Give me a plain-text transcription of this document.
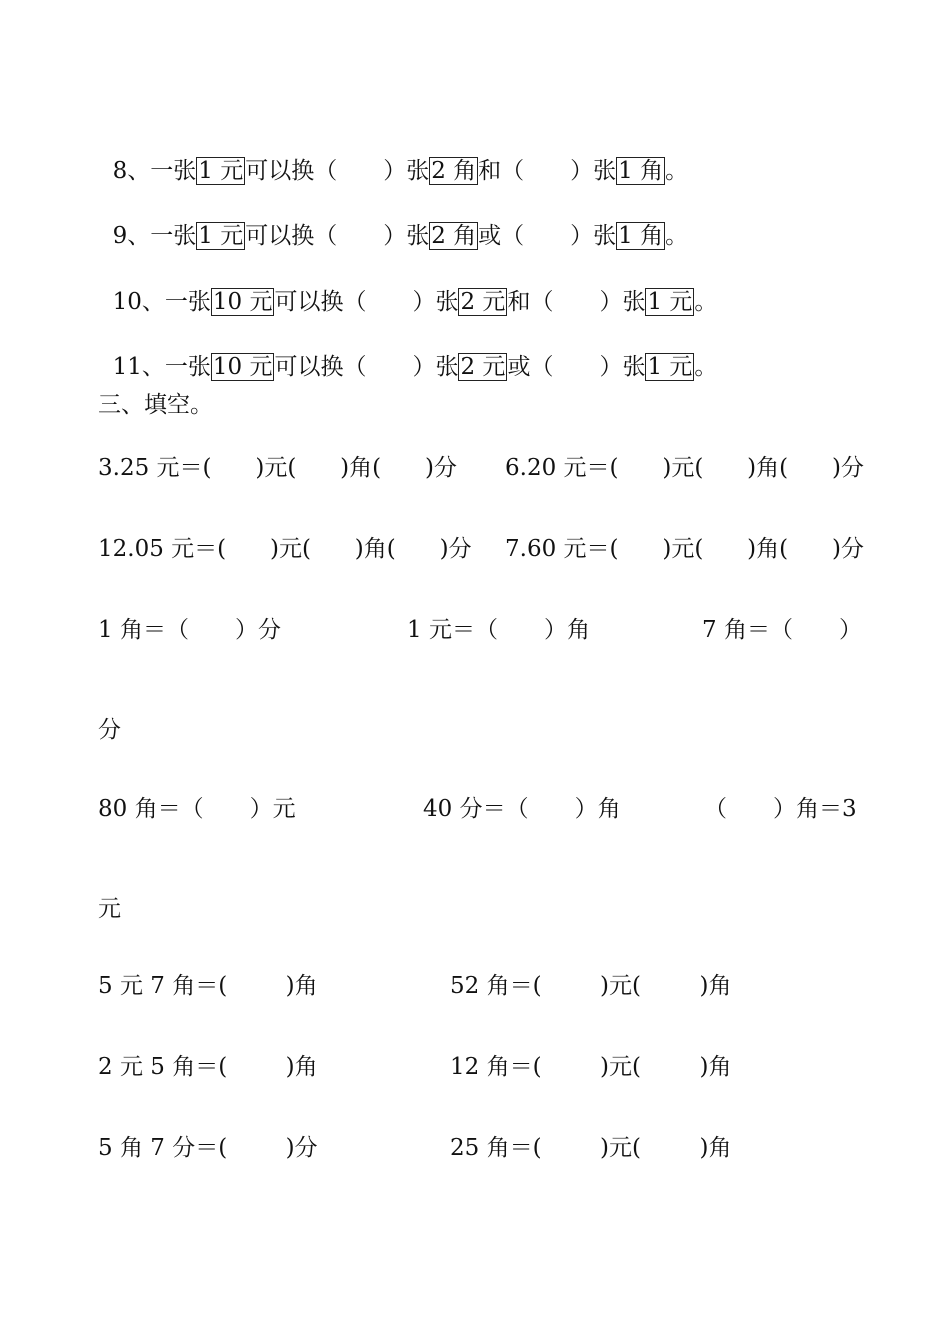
8、一张1 元可以换（　　）张2 角和（　　）张1 角。

9、一张1 元可以换（　　）张2 角或（　　）张1 角。

10、一张10 元可以换（　　）张2 元和（　　）张1 元。

11、一张10 元可以换（　　）张2 元或（　　）张1 元。

三、填空。
3.25 元＝(      )元(      )角(      )分 6.20 元＝(      )元(      )角(      )分
12.05 元＝(      )元(      )角(      )分 7.60 元＝(      )元(      )角(      )分
1 角＝（　　）分	1 元＝（　　）角	7 角＝（　　）
分
80 角＝（　　）元	40 分＝（　　）角	（　　）角＝3
元
5 元 7 角＝(        )角	52 角＝(        )元(        )角
2 元 5 角＝(        )角	12 角＝(        )元(        )角
5 角 7 分＝(        )分	25 角＝(        )元(        )角
